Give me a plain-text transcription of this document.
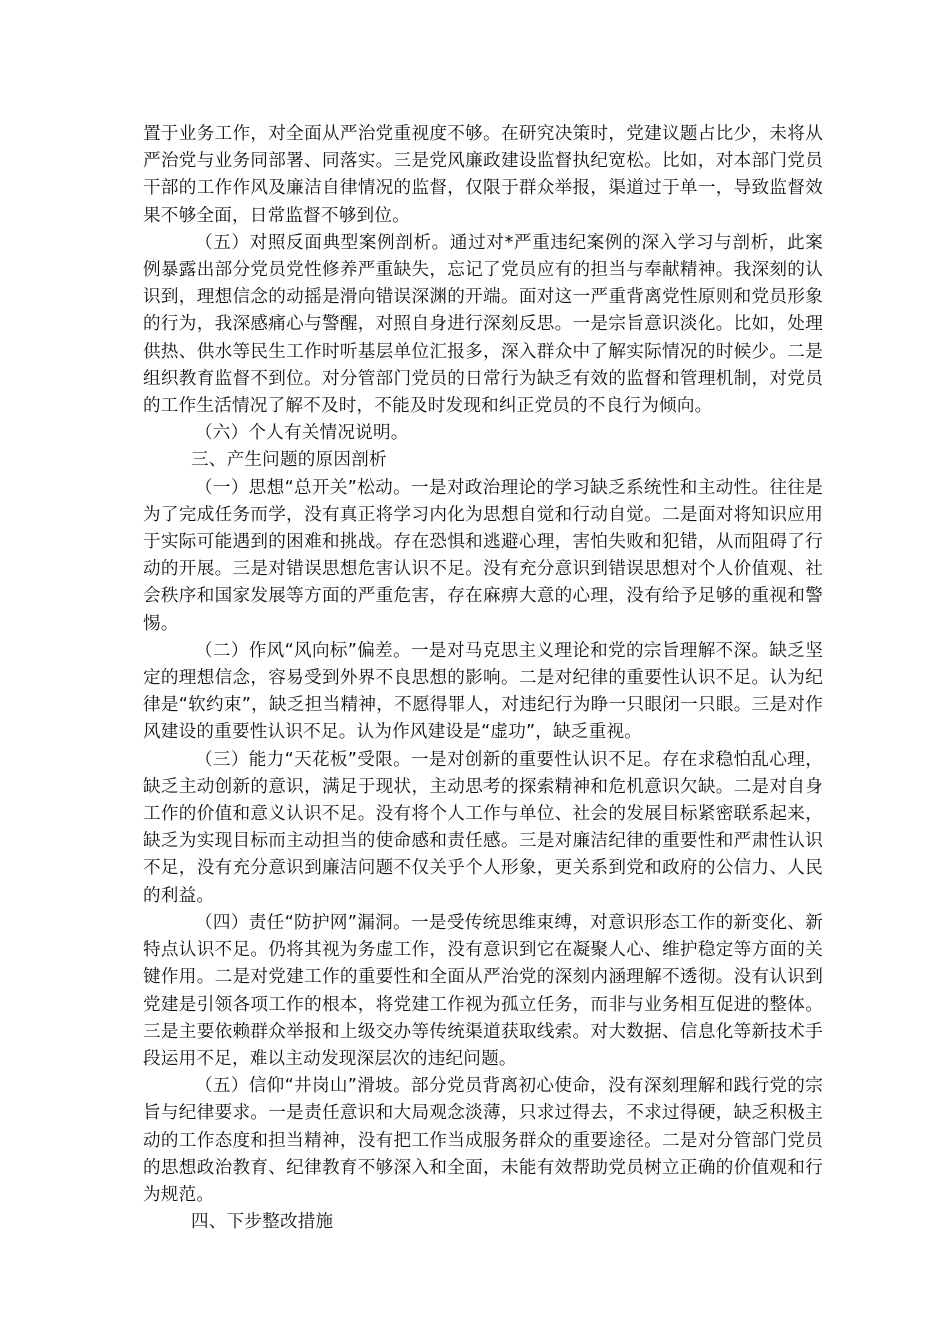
置于业务工作，对全面从严治党重视度不够。在研究决策时，党建议题占比少，未将从严治党与业务同部署、同落实。三是党风廉政建设监督执纪宽松。比如，对本部门党员干部的工作作风及廉洁自律情况的监督，仅限于群众举报，渠道过于单一，导致监督效果不够全面，日常监督不够到位。

（五）对照反面典型案例剖析。通过对*严重违纪案例的深入学习与剖析，此案例暴露出部分党员党性修养严重缺失，忘记了党员应有的担当与奉献精神。我深刻的认识到，理想信念的动摇是滑向错误深渊的开端。面对这一严重背离党性原则和党员形象的行为，我深感痛心与警醒，对照自身进行深刻反思。一是宗旨意识淡化。比如，处理供热、供水等民生工作时听基层单位汇报多，深入群众中了解实际情况的时候少。二是组织教育监督不到位。对分管部门党员的日常行为缺乏有效的监督和管理机制，对党员的工作生活情况了解不及时，不能及时发现和纠正党员的不良行为倾向。

（六）个人有关情况说明。

三、产生问题的原因剖析

（一）思想“总开关”松动。一是对政治理论的学习缺乏系统性和主动性。往往是为了完成任务而学，没有真正将学习内化为思想自觉和行动自觉。二是面对将知识应用于实际可能遇到的困难和挑战。存在恐惧和逃避心理，害怕失败和犯错，从而阻碍了行动的开展。三是对错误思想危害认识不足。没有充分意识到错误思想对个人价值观、社会秩序和国家发展等方面的严重危害，存在麻痹大意的心理，没有给予足够的重视和警惕。

（二）作风“风向标”偏差。一是对马克思主义理论和党的宗旨理解不深。缺乏坚定的理想信念，容易受到外界不良思想的影响。二是对纪律的重要性认识不足。认为纪律是“软约束”，缺乏担当精神，不愿得罪人，对违纪行为睁一只眼闭一只眼。三是对作风建设的重要性认识不足。认为作风建设是“虚功”，缺乏重视。

（三）能力“天花板”受限。一是对创新的重要性认识不足。存在求稳怕乱心理，缺乏主动创新的意识，满足于现状，主动思考的探索精神和危机意识欠缺。二是对自身工作的价值和意义认识不足。没有将个人工作与单位、社会的发展目标紧密联系起来，缺乏为实现目标而主动担当的使命感和责任感。三是对廉洁纪律的重要性和严肃性认识不足，没有充分意识到廉洁问题不仅关乎个人形象，更关系到党和政府的公信力、人民的利益。

（四）责任“防护网”漏洞。一是受传统思维束缚，对意识形态工作的新变化、新特点认识不足。仍将其视为务虚工作，没有意识到它在凝聚人心、维护稳定等方面的关键作用。二是对党建工作的重要性和全面从严治党的深刻内涵理解不透彻。没有认识到党建是引领各项工作的根本，将党建工作视为孤立任务，而非与业务相互促进的整体。三是主要依赖群众举报和上级交办等传统渠道获取线索。对大数据、信息化等新技术手段运用不足，难以主动发现深层次的违纪问题。

（五）信仰“井岗山”滑坡。部分党员背离初心使命，没有深刻理解和践行党的宗旨与纪律要求。一是责任意识和大局观念淡薄，只求过得去，不求过得硬，缺乏积极主动的工作态度和担当精神，没有把工作当成服务群众的重要途径。二是对分管部门党员的思想政治教育、纪律教育不够深入和全面，未能有效帮助党员树立正确的价值观和行为规范。

四、下步整改措施
